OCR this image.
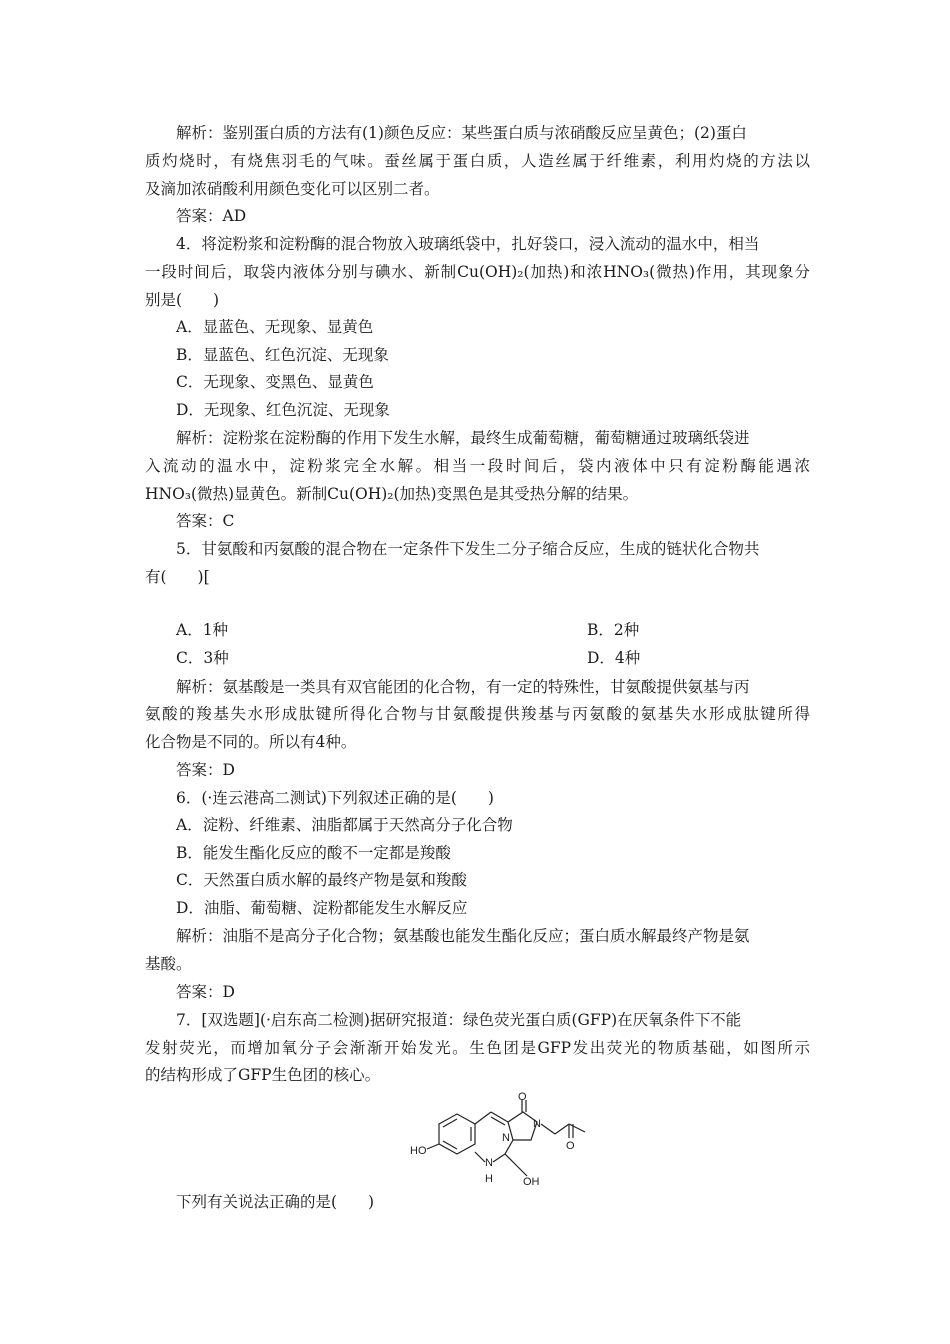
解析：鉴别蛋白质的方法有(1)颜色反应：某些蛋白质与浓硝酸反应呈黄色；(2)蛋白
质灼烧时，有烧焦羽毛的气味。蚕丝属于蛋白质，人造丝属于纤维素，利用灼烧的方法以
及滴加浓硝酸利用颜色变化可以区别二者。
答案：AD
4．将淀粉浆和淀粉酶的混合物放入玻璃纸袋中，扎好袋口，浸入流动的温水中，相当
一段时间后，取袋内液体分别与碘水、新制Cu(OH)₂(加热)和浓HNO₃(微热)作用，其现象分
别是(　　)
A．显蓝色、无现象、显黄色
B．显蓝色、红色沉淀、无现象
C．无现象、变黑色、显黄色
D．无现象、红色沉淀、无现象
解析：淀粉浆在淀粉酶的作用下发生水解，最终生成葡萄糖，葡萄糖通过玻璃纸袋进
入流动的温水中，淀粉浆完全水解。相当一段时间后，袋内液体中只有淀粉酶能遇浓
HNO₃(微热)显黄色。新制Cu(OH)₂(加热)变黑色是其受热分解的结果。
答案：C
5．甘氨酸和丙氨酸的混合物在一定条件下发生二分子缩合反应，生成的链状化合物共
有(　　)[
A．1种	B．2种
C．3种	D．4种
解析：氨基酸是一类具有双官能团的化合物，有一定的特殊性，甘氨酸提供氨基与丙
氨酸的羧基失水形成肽键所得化合物与甘氨酸提供羧基与丙氨酸的氨基失水形成肽键所得
化合物是不同的。所以有4种。
答案：D
6．(·连云港高二测试)下列叙述正确的是(　　)
A．淀粉、纤维素、油脂都属于天然高分子化合物
B．能发生酯化反应的酸不一定都是羧酸
C．天然蛋白质水解的最终产物是氨和羧酸
D．油脂、葡萄糖、淀粉都能发生水解反应
解析：油脂不是高分子化合物；氨基酸也能发生酯化反应；蛋白质水解最终产物是氨
基酸。
答案：D
7．[双选题](·启东高二检测)据研究报道：绿色荧光蛋白质(GFP)在厌氧条件下不能
发射荧光，而增加氧分子会渐渐开始发光。生色团是GFP发出荧光的物质基础，如图所示
的结构形成了GFP生色团的核心。
O
N
N
O
HO
N
H	OH
下列有关说法正确的是(　　)
